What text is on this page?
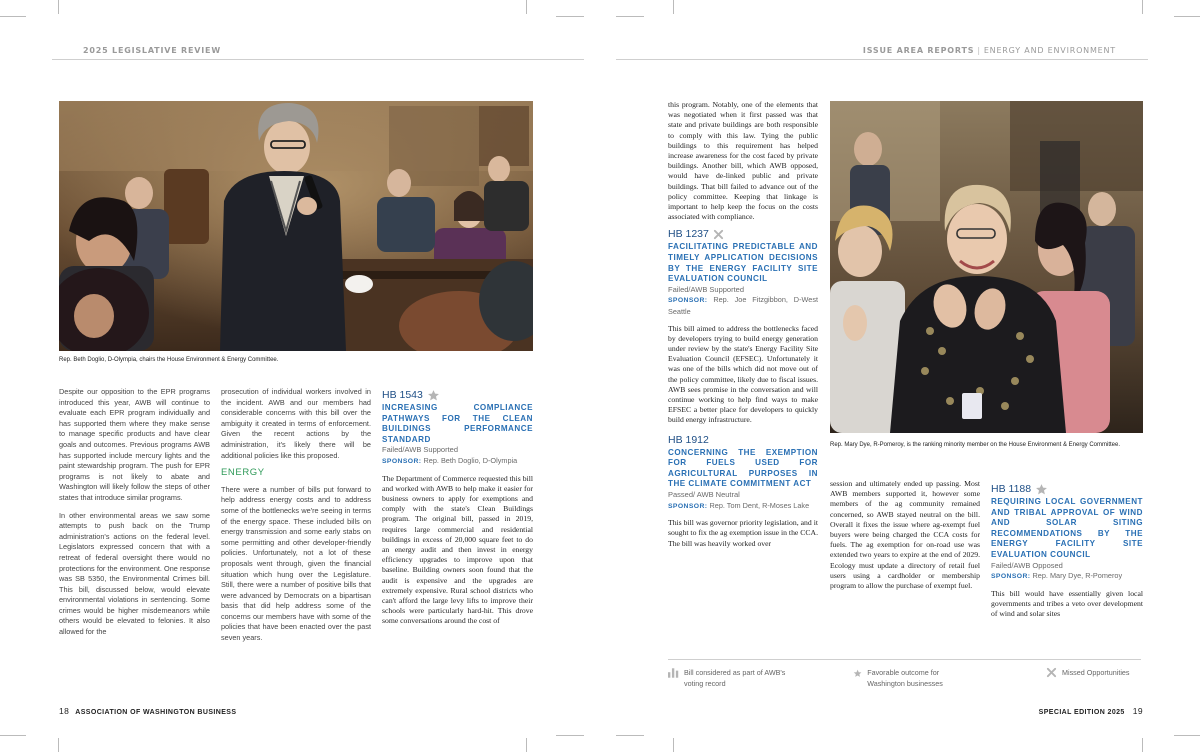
2025 LEGISLATIVE REVIEW
Rep. Beth Doglio, D-Olympia, chairs the House Environment & Energy Committee.

Despite our opposition to the EPR programs introduced this year, AWB will continue to evaluate each EPR program individually and has supported them where they make sense to manage specific products and have clear goals and outcomes. Previous programs AWB has supported include mercury lights and the paint stewardship program. The push for EPR programs is not likely to abate and Washington will likely follow the steps of other states that introduce similar programs.

In other environmental areas we saw some attempts to push back on the Trump administration's actions on the federal level. Legislators expressed concern that with a retreat of federal oversight there would no protections for the environment. One response was SB 5350, the Environmental Crimes bill. This bill, discussed below, would elevate environmental violations in sentencing. Some crimes would be higher misdemeanors while others would be elevated to felonies. It also allowed for the

prosecution of individual workers involved in the incident. AWB and our members had considerable concerns with this bill over the ambiguity it created in terms of enforcement. Given the recent actions by the administration, it's likely there will be additional policies like this proposed.

ENERGY

There were a number of bills put forward to help address energy costs and to address some of the bottlenecks we're seeing in terms of the energy space. These included bills on energy transmission and some early stabs on some permitting and other developer-friendly policies. Unfortunately, not a lot of these proposals went through, given the financial situation which hung over the Legislature. Still, there were a number of positive bills that were advanced by Democrats on a bipartisan basis that did help address some of the concerns our members have with some of the policies that have been enacted over the past seven years.

HB 1543
INCREASING COMPLIANCE PATHWAYS FOR THE CLEAN BUILDINGS PERFORMANCE STANDARD
Failed/AWB Supported
SPONSOR: Rep. Beth Doglio, D-Olympia
The Department of Commerce requested this bill and worked with AWB to help make it easier for business owners to apply for exemptions and comply with the state's Clean Buildings program. The original bill, passed in 2019, requires large commercial and residential buildings in excess of 20,000 square feet to do an energy audit and then invest in energy efficiency upgrades to improve upon that baseline. Building owners soon found that the audit is expensive and the upgrades are extremely expensive. Rural school districts who can't afford the large levy lifts to improve their schools were particularly hard-hit. This drove some conversations around the cost of
18 ASSOCIATION OF WASHINGTON BUSINESS
ISSUE AREA REPORTS | ENERGY AND ENVIRONMENT
this program. Notably, one of the elements that was negotiated when it first passed was that state and private buildings are both responsible to comply with this law. Tying the public buildings to this requirement has helped increase awareness for the cost faced by private buildings. Another bill, which AWB opposed, would have de-linked public and private buildings. That bill failed to advance out of the policy committee. Keeping that linkage is important to help keep the focus on the costs associated with compliance.
HB 1237
FACILITATING PREDICTABLE AND TIMELY APPLICATION DECISIONS BY THE ENERGY FACILITY SITE EVALUATION COUNCIL
Failed/AWB Supported
SPONSOR: Rep. Joe Fitzgibbon, D-West Seattle
This bill aimed to address the bottlenecks faced by developers trying to build energy generation under review by the state's Energy Facility Site Evaluation Council (EFSEC). Unfortunately it was one of the bills which did not move out of the policy committee, likely due to fiscal issues. AWB sees promise in the conversation and will continue working to help find ways to make EFSEC a better place for developers to quickly build energy infrastructure.
HB 1912
CONCERNING THE EXEMPTION FOR FUELS USED FOR AGRICULTURAL PURPOSES IN THE CLIMATE COMMITMENT ACT
Passed/ AWB Neutral
SPONSOR: Rep. Tom Dent, R-Moses Lake
This bill was governor priority legislation, and it sought to fix the ag exemption issue in the CCA. The bill was heavily worked over
Rep. Mary Dye, R-Pomeroy, is the ranking minority member on the House Environment & Energy Committee.
session and ultimately ended up passing. Most AWB members supported it, however some members of the ag community remained concerned, so AWB stayed neutral on the bill. Overall it fixes the issue where ag-exempt fuel buyers were being charged the CCA costs for fuels. The ag exemption for on-road use was extended two years to expire at the end of 2029. Ecology must update a directory of retail fuel users using a cardholder or membership program to allow the purchase of exempt fuel.
HB 1188
REQUIRING LOCAL GOVERNMENT AND TRIBAL APPROVAL OF WIND AND SOLAR SITING RECOMMENDATIONS BY THE ENERGY FACILITY SITE EVALUATION COUNCIL
Failed/AWB Opposed
SPONSOR: Rep. Mary Dye, R-Pomeroy
This bill would have essentially given local governments and tribes a veto over development of wind and solar sites
Bill considered as part of AWB's voting record
Favorable outcome for Washington businesses
Missed Opportunities
SPECIAL EDITION 2025 19
